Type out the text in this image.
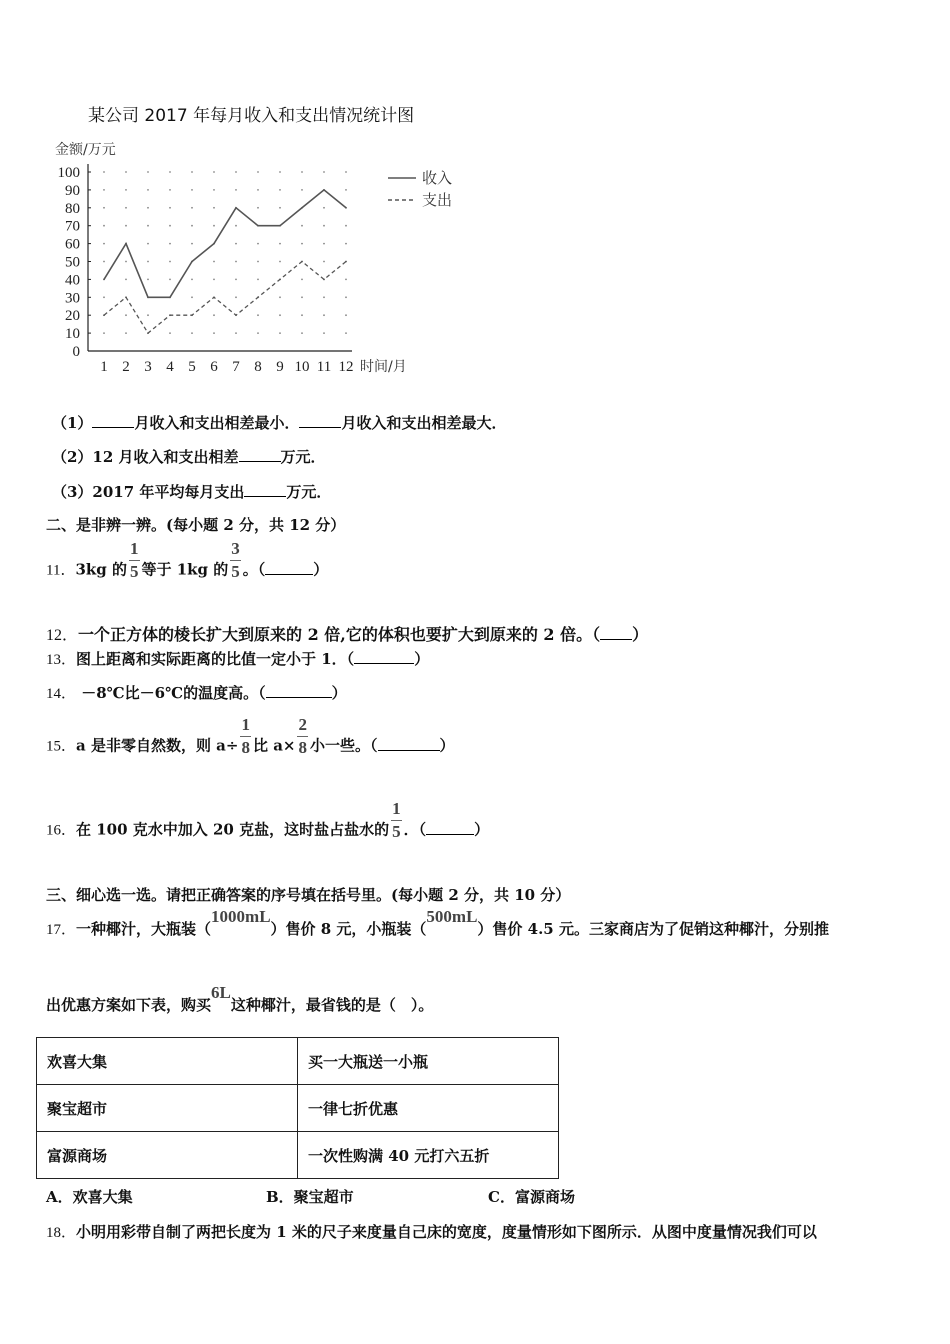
某公司 2017 年每月收入和支出情况统计图
0
10
20
30
40
50
60
70
80
90
100
1 2 3 4 5 6 7 8 9 10 11 12
金额/万元
时间/月
收入
支出
（1）	月收入和支出相差最小．	月收入和支出相差最大．
（2）12 月收入和支出相差	万元．
（3）2017 年平均每月支出	万元．
二、是非辨一辨。(每小题 2 分，共 12 分）
11．3kg 的 $\frac{1}{5}$ 等于 1kg 的 $\frac{3}{5}$ 。（	）
12．一个正方体的棱长扩大到原来的 2 倍,它的体积也要扩大到原来的 2 倍。（ ）
13．图上距离和实际距离的比值一定小于 1．（	）
14． －8℃比－6℃的温度高。（	）
15．a 是非零自然数，则 $a\div \frac{1}{8}$ 比 $a\times \frac{2}{8}$ 小一些。（	）
16．在 100 克水中加入 20 克盐，这时盐占盐水的 $\frac{1}{5}$ ．（	）
三、细心选一选。请把正确答案的序号填在括号里。(每小题 2 分，共 10 分）
17．一种椰汁，大瓶装（1000mL）售价 8 元，小瓶装（500mL）售价 4.5 元。三家商店为了促销这种椰汁，分别推
出优惠方案如下表，购买6L这种椰汁，最省钱的是（　）。
欢喜大集	买一大瓶送一小瓶
聚宝超市	一律七折优惠
富源商场	一次性购满 40 元打六五折
A．欢喜大集	B．聚宝超市	C．富源商场
18．小明用彩带自制了两把长度为 1 米的尺子来度量自己床的宽度，度量情形如下图所示．从图中度量情况我们可以
